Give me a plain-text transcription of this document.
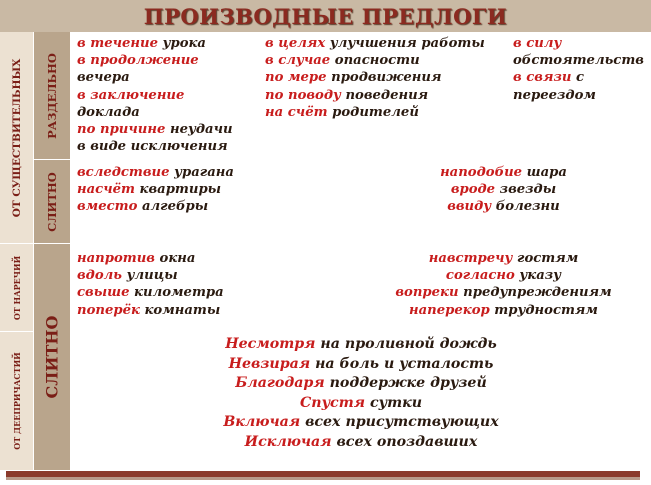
ПРОИЗВОДНЫЕ ПРЕДЛОГИ
ОТ СУЩЕСТВИТЕЛЬНЫХ
ОТ НАРЕЧИЙ
ОТ ДЕЕПРИЧАСТИЙ
РАЗДЕЛЬНО
СЛИТНО
СЛИТНО
в течение урока
в продолжение
вечера
в заключение
доклада
по причине неудачи
в виде исключения
в целях улучшения работы
в случае опасности
по мере продвижения
по поводу поведения
на счёт родителей
в силу
обстоятельств
в связи с
переездом
вследствие урагана
насчёт квартиры
вместо алгебры
наподобие шара
вроде звезды
ввиду болезни
напротив окна
вдоль улицы
свыше километра
поперёк комнаты
навстречу гостям
согласно указу
вопреки предупреждениям
наперекор трудностям
Несмотря на проливной дождь
Невзирая на боль и усталость
Благодаря поддержке друзей
Спустя сутки
Включая всех присутствующих
Исключая всех опоздавших
